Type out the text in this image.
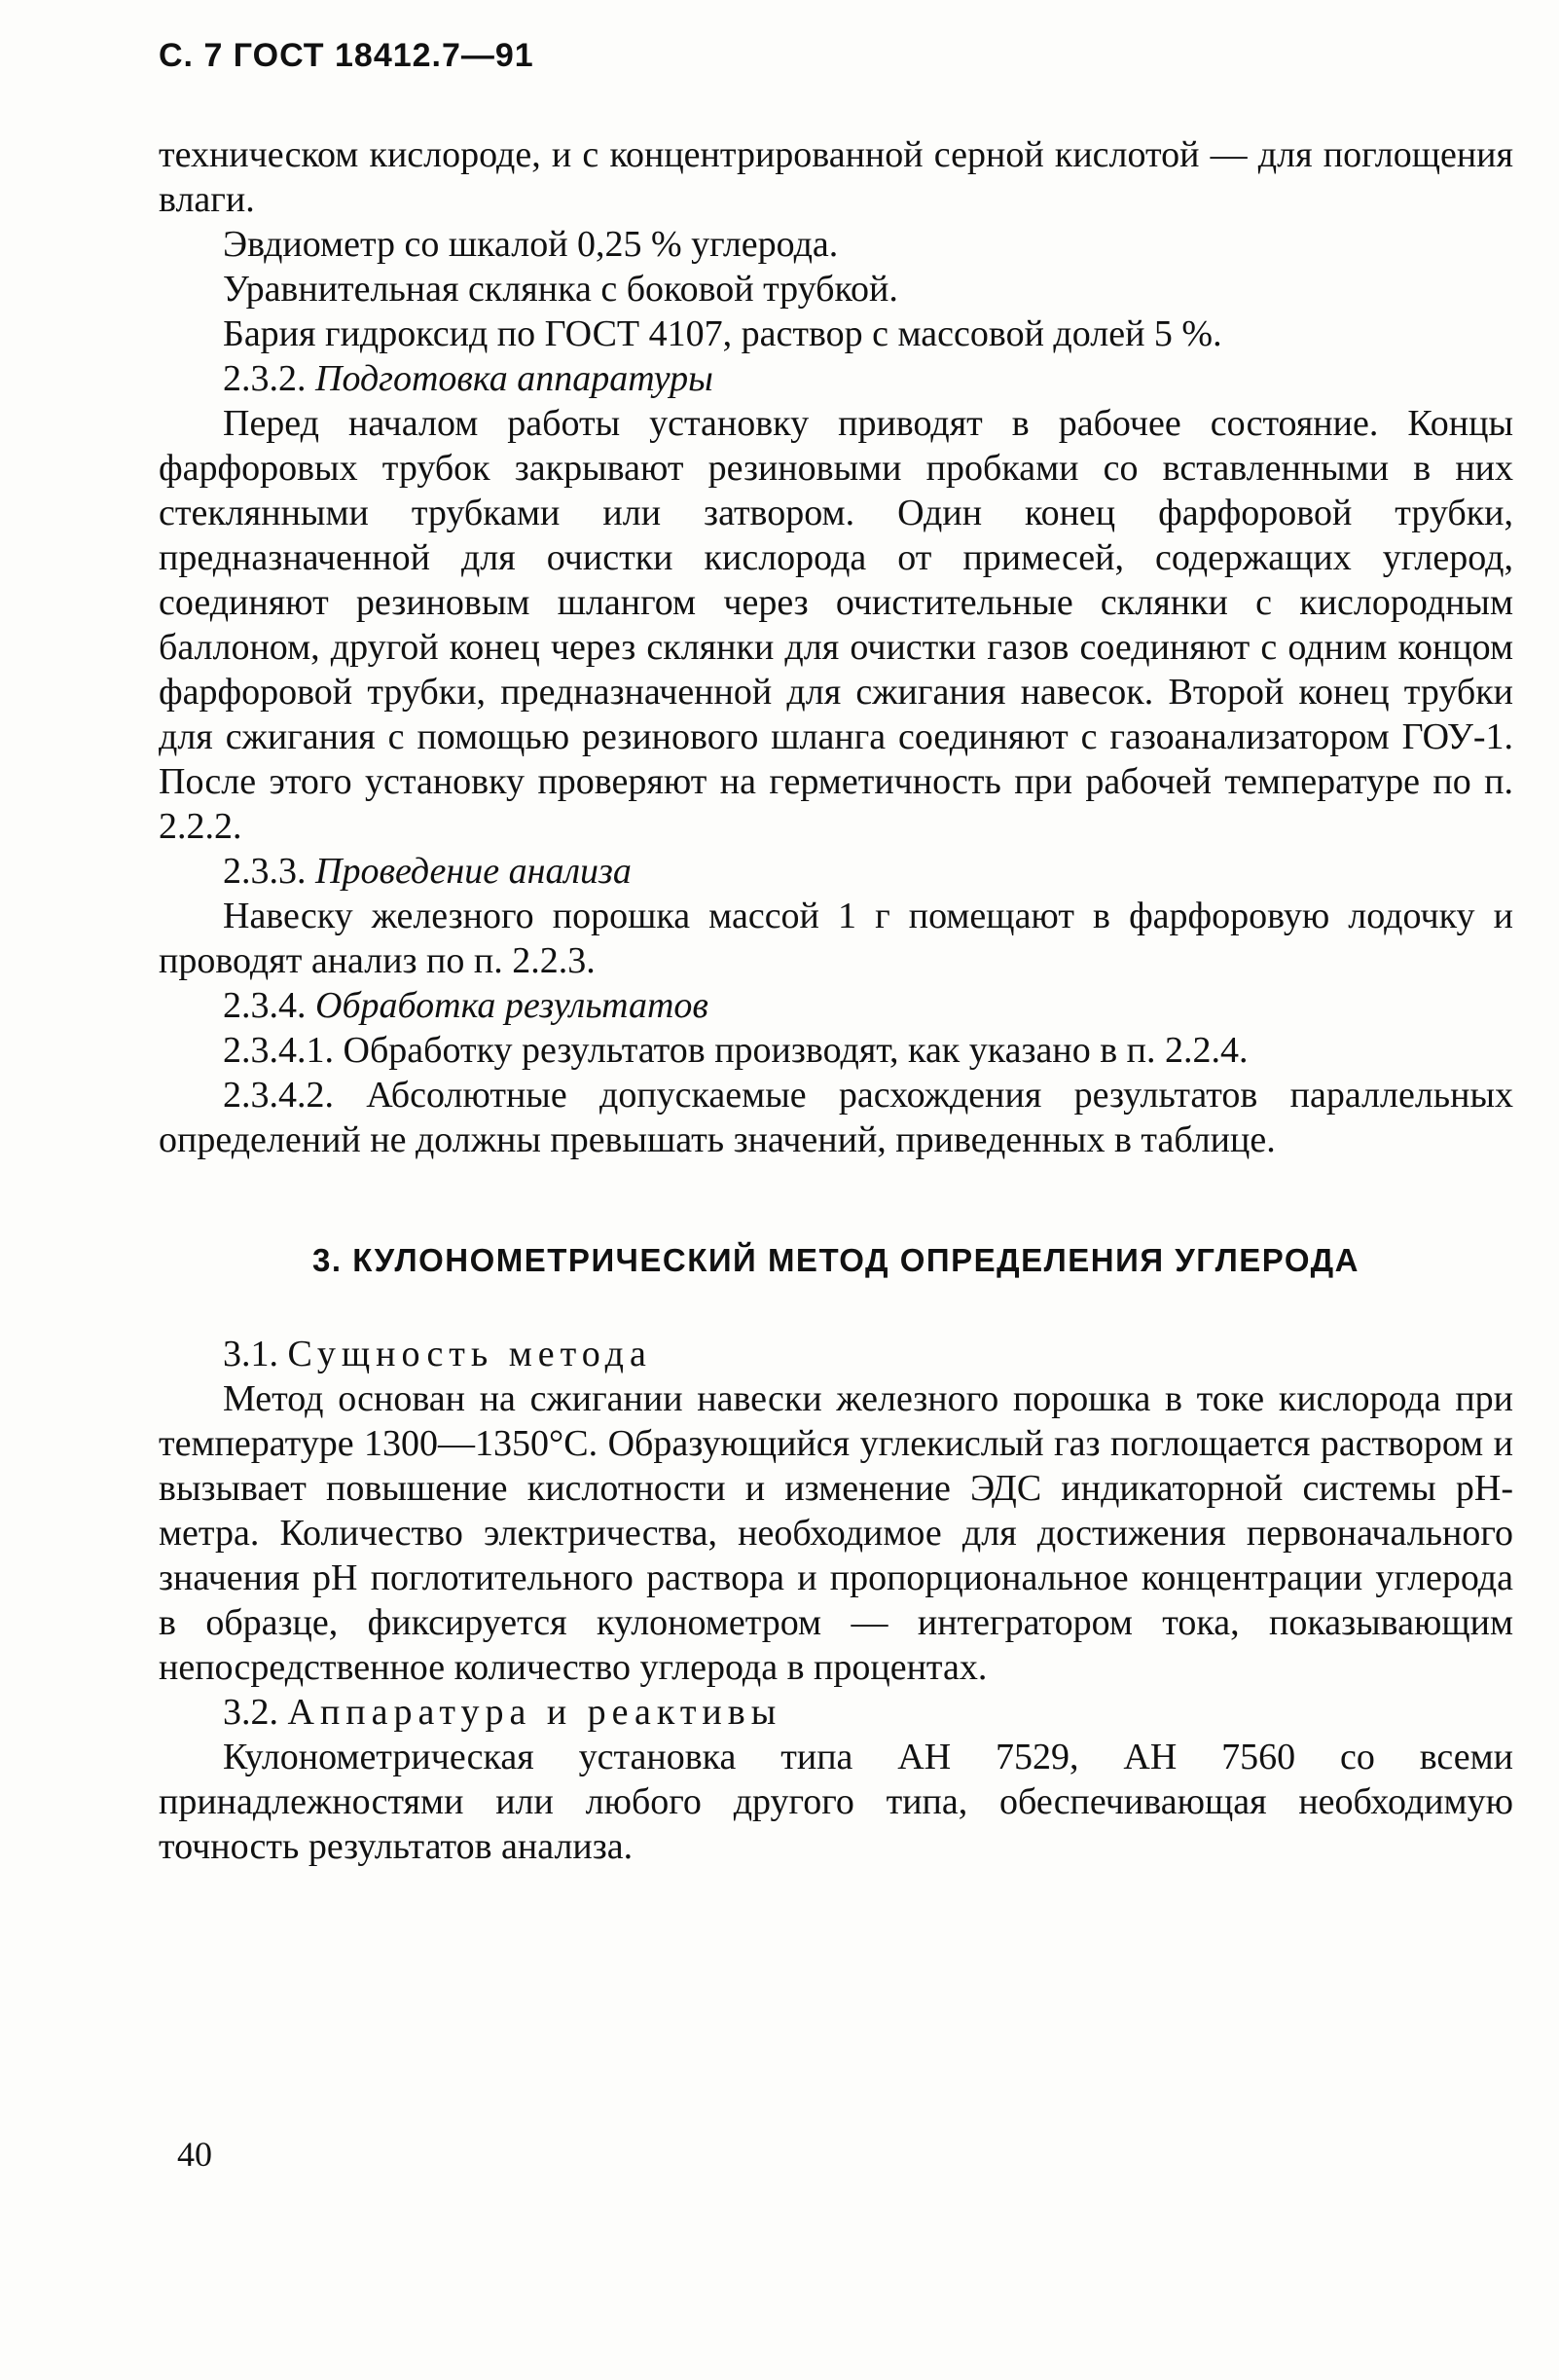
С. 7 ГОСТ 18412.7—91

техническом кислороде, и с концентрированной серной кислотой — для поглощения влаги.

Эвдиометр со шкалой 0,25 % углерода.

Уравнительная склянка с боковой трубкой.

Бария гидроксид по ГОСТ 4107, раствор с массовой долей 5 %.

2.3.2. Подготовка аппаратуры

Перед началом работы установку приводят в рабочее состояние. Концы фарфоровых трубок закрывают резиновыми пробками со вставленными в них стеклянными трубками или затвором. Один конец фарфоровой трубки, предназначенной для очистки кислорода от примесей, содержащих углерод, соединяют резиновым шлангом через очистительные склянки с кислородным баллоном, другой конец через склянки для очистки газов соединяют с одним концом фарфоровой трубки, предназначенной для сжигания навесок. Второй конец трубки для сжигания с помощью резинового шланга соединяют с газоанализатором ГОУ-1. После этого установку проверяют на герметичность при рабочей температуре по п. 2.2.2.

2.3.3. Проведение анализа

Навеску железного порошка массой 1 г помещают в фарфоровую лодочку и проводят анализ по п. 2.2.3.

2.3.4. Обработка результатов

2.3.4.1. Обработку результатов производят, как указано в п. 2.2.4.

2.3.4.2. Абсолютные допускаемые расхождения результатов параллельных определений не должны превышать значений, приведенных в таблице.

3. КУЛОНОМЕТРИЧЕСКИЙ МЕТОД ОПРЕДЕЛЕНИЯ УГЛЕРОДА

3.1. Сущность метода

Метод основан на сжигании навески железного порошка в токе кислорода при температуре 1300—1350°С. Образующийся углекислый газ поглощается раствором и вызывает повышение кислотности и изменение ЭДС индикаторной системы pH-метра. Количество электричества, необходимое для достижения первоначального значения pH поглотительного раствора и пропорциональное концентрации углерода в образце, фиксируется кулонометром — интегратором тока, показывающим непосредственное количество углерода в процентах.

3.2. Аппаратура и реактивы

Кулонометрическая установка типа АН 7529, АН 7560 со всеми принадлежностями или любого другого типа, обеспечивающая необходимую точность результатов анализа.

40
